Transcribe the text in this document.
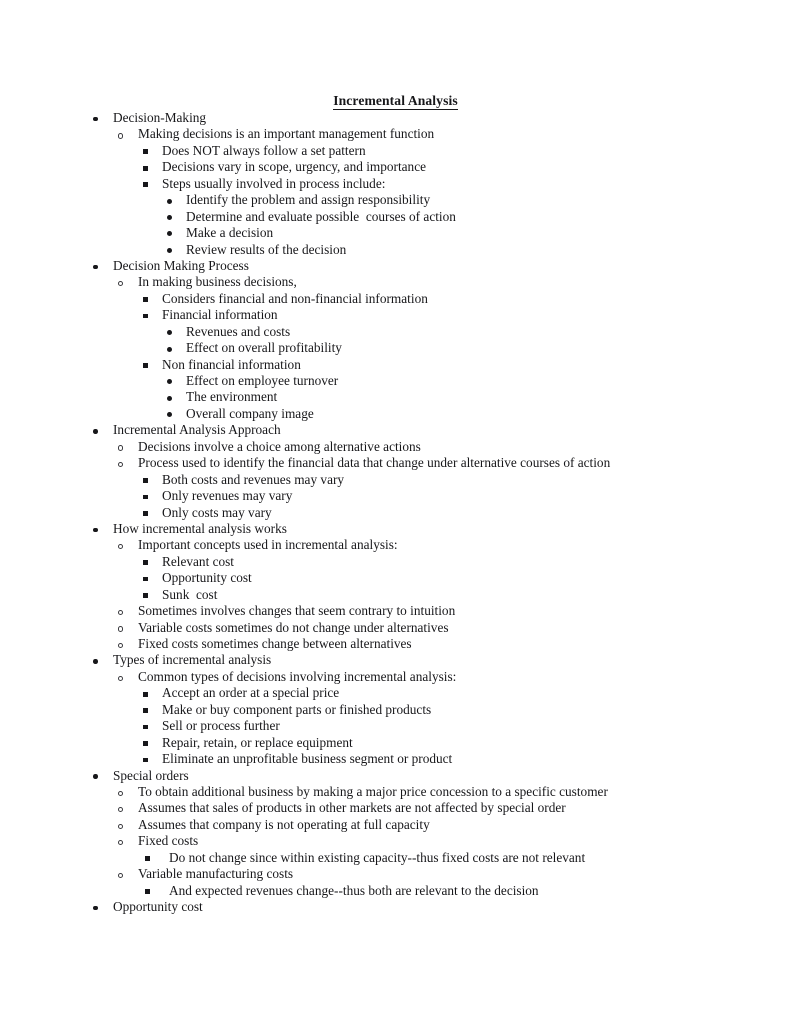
Incremental Analysis
Decision-Making
Making decisions is an important management function
Does NOT always follow a set pattern
Decisions vary in scope, urgency, and importance
Steps usually involved in process include:
Identify the problem and assign responsibility
Determine and evaluate possible  courses of action
Make a decision
Review results of the decision
Decision Making Process
In making business decisions,
Considers financial and non-financial information
Financial information
Revenues and costs
Effect on overall profitability
Non financial information
Effect on employee turnover
The environment
Overall company image
Incremental Analysis Approach
Decisions involve a choice among alternative actions
Process used to identify the financial data that change under alternative courses of action
Both costs and revenues may vary
Only revenues may vary
Only costs may vary
How incremental analysis works
Important concepts used in incremental analysis:
Relevant cost
Opportunity cost
Sunk  cost
Sometimes involves changes that seem contrary to intuition
Variable costs sometimes do not change under alternatives
Fixed costs sometimes change between alternatives
Types of incremental analysis
Common types of decisions involving incremental analysis:
Accept an order at a special price
Make or buy component parts or finished products
Sell or process further
Repair, retain, or replace equipment
Eliminate an unprofitable business segment or product
Special orders
To obtain additional business by making a major price concession to a specific customer
Assumes that sales of products in other markets are not affected by special order
Assumes that company is not operating at full capacity
Fixed costs
Do not change since within existing capacity--thus fixed costs are not relevant
Variable manufacturing costs
And expected revenues change--thus both are relevant to the decision
Opportunity cost
